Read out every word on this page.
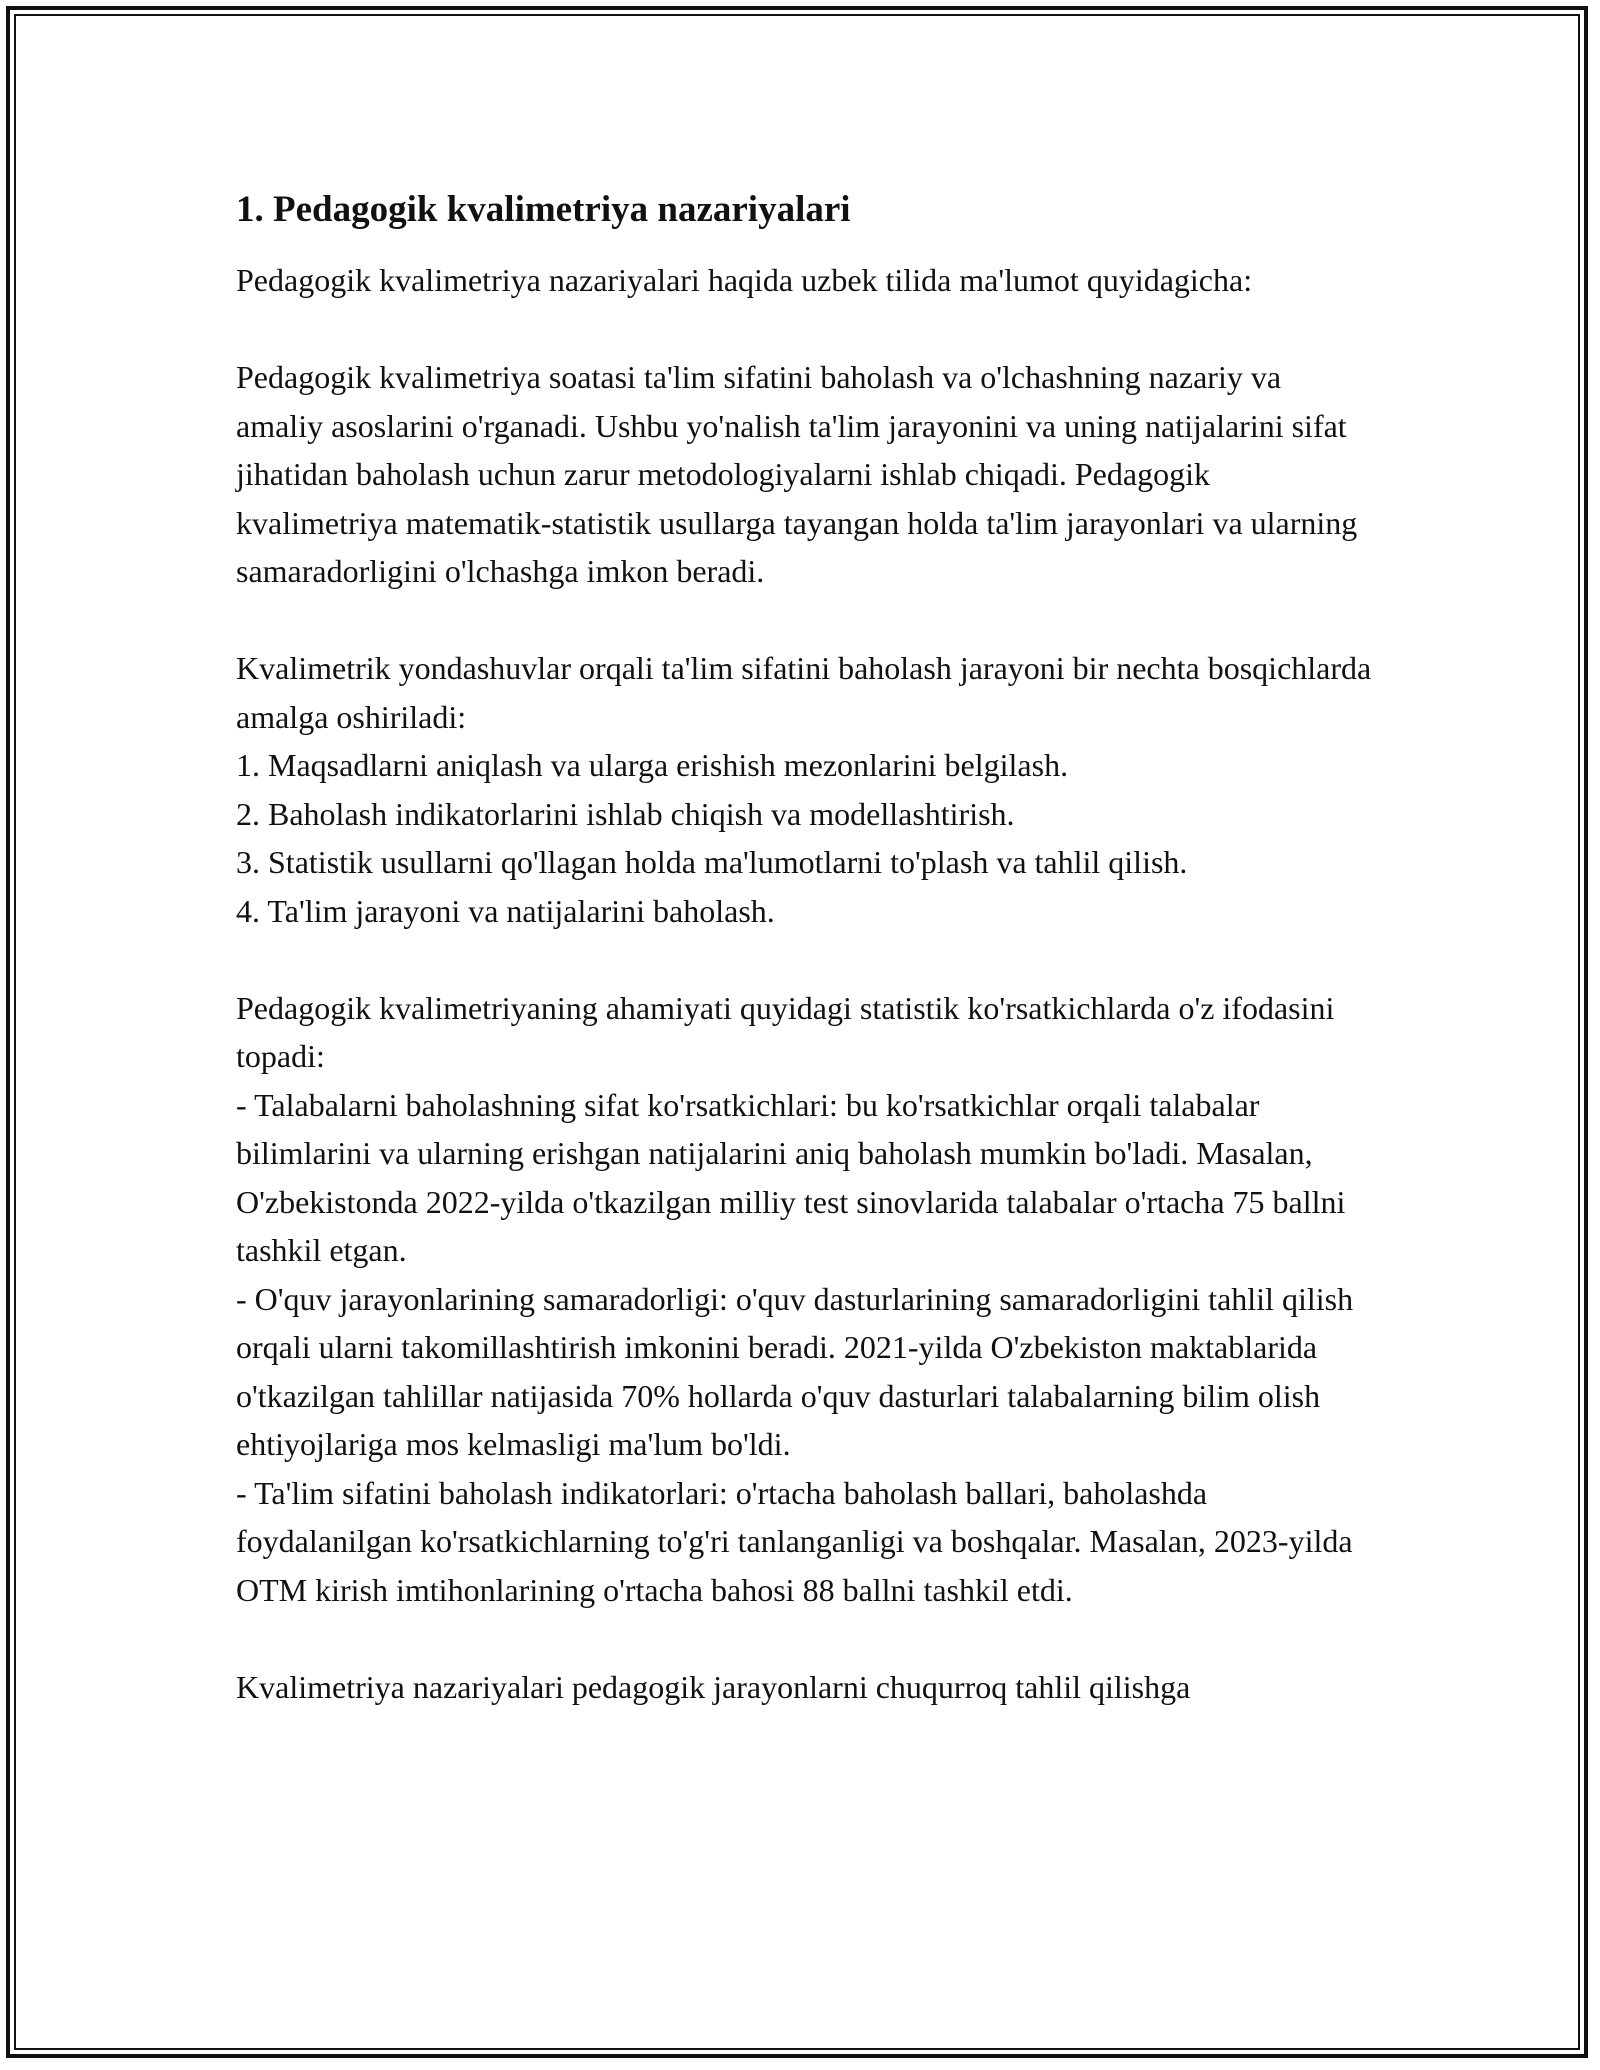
1. Pedagogik kvalimetriya nazariyalari

Pedagogik kvalimetriya nazariyalari haqida uzbek tilida ma'lumot quyidagicha:

Pedagogik kvalimetriya soatasi ta'lim sifatini baholash va o'lchashning nazariy va amaliy asoslarini o'rganadi. Ushbu yo'nalish ta'lim jarayonini va uning natijalarini sifat jihatidan baholash uchun zarur metodologiyalarni ishlab chiqadi. Pedagogik kvalimetriya matematik-statistik usullarga tayangan holda ta'lim jarayonlari va ularning samaradorligini o'lchashga imkon beradi.

Kvalimetrik yondashuvlar orqali ta'lim sifatini baholash jarayoni bir nechta bosqichlarda amalga oshiriladi:
1. Maqsadlarni aniqlash va ularga erishish mezonlarini belgilash.
2. Baholash indikatorlarini ishlab chiqish va modellashtirish.
3. Statistik usullarni qo'llagan holda ma'lumotlarni to'plash va tahlil qilish.
4. Ta'lim jarayoni va natijalarini baholash.
Pedagogik kvalimetriyaning ahamiyati quyidagi statistik ko'rsatkichlarda o'z ifodasini topadi:
- Talabalarni baholashning sifat ko'rsatkichlari: bu ko'rsatkichlar orqali talabalar bilimlarini va ularning erishgan natijalarini aniq baholash mumkin bo'ladi. Masalan, O'zbekistonda 2022-yilda o'tkazilgan milliy test sinovlarida talabalar o'rtacha 75 ballni tashkil etgan.
- O'quv jarayonlarining samaradorligi: o'quv dasturlarining samaradorligini tahlil qilish orqali ularni takomillashtirish imkonini beradi. 2021-yilda O'zbekiston maktablarida o'tkazilgan tahlillar natijasida 70% hollarda o'quv dasturlari talabalarning bilim olish ehtiyojlariga mos kelmasligi ma'lum bo'ldi.
- Ta'lim sifatini baholash indikatorlari: o'rtacha baholash ballari, baholashda foydalanilgan ko'rsatkichlarning to'g'ri tanlanganligi va boshqalar. Masalan, 2023-yilda OTM kirish imtihonlarining o'rtacha bahosi 88 ballni tashkil etdi.

Kvalimetriya nazariyalari pedagogik jarayonlarni chuqurroq tahlil qilishga
